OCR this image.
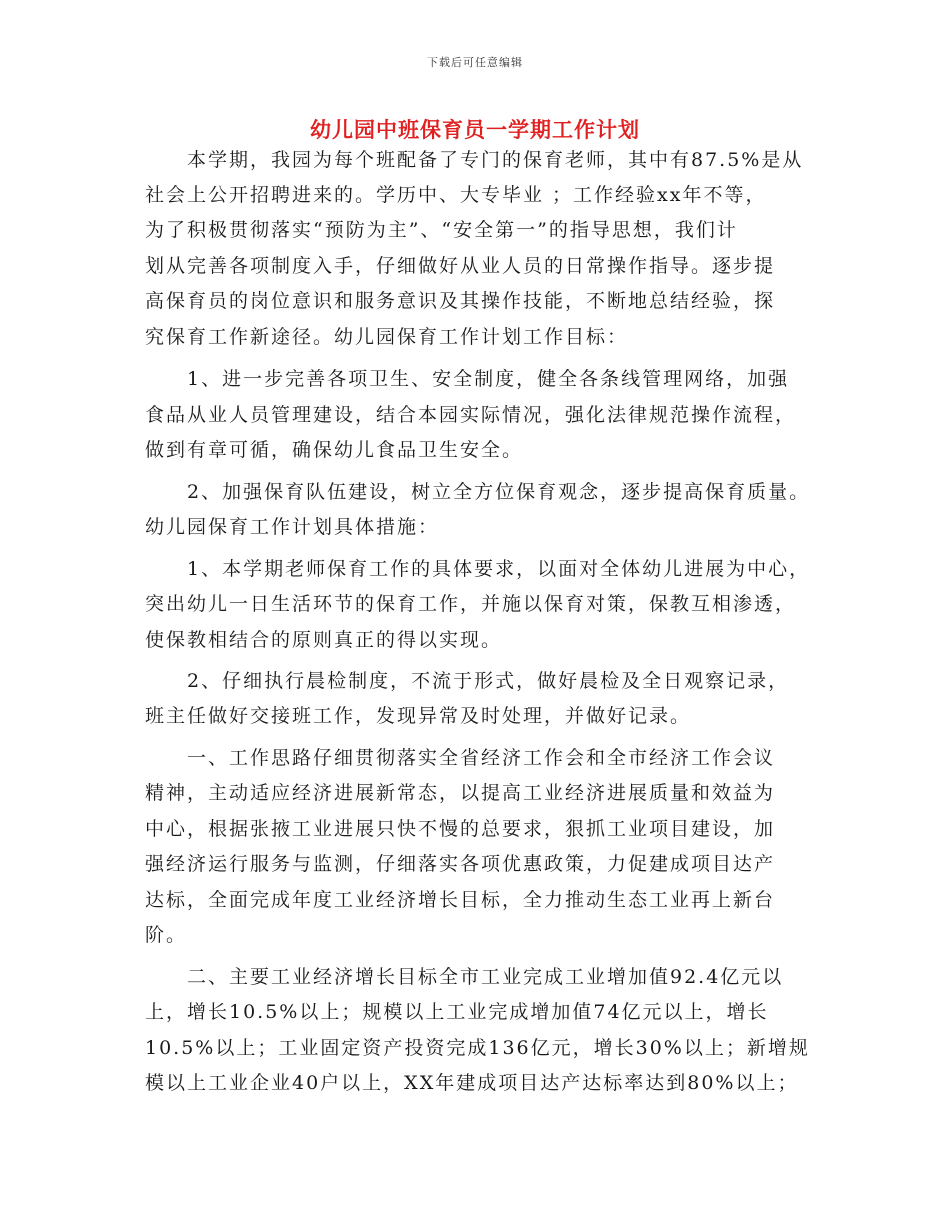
下载后可任意编辑
幼儿园中班保育员一学期工作计划
　　本学期，我园为每个班配备了专门的保育老师，其中有87.5%是从
社会上公开招聘进来的。学历中、大专毕业 ；工作经验xx年不等，
为了积极贯彻落实“预防为主”、“安全第一”的指导思想，我们计
划从完善各项制度入手，仔细做好从业人员的日常操作指导。逐步提
高保育员的岗位意识和服务意识及其操作技能，不断地总结经验，探
究保育工作新途径。幼儿园保育工作计划工作目标：
　　1、进一步完善各项卫生、安全制度，健全各条线管理网络，加强
食品从业人员管理建设，结合本园实际情况，强化法律规范操作流程，
做到有章可循，确保幼儿食品卫生安全。
　　2、加强保育队伍建设，树立全方位保育观念，逐步提高保育质量。
幼儿园保育工作计划具体措施：
　　1、本学期老师保育工作的具体要求，以面对全体幼儿进展为中心，
突出幼儿一日生活环节的保育工作，并施以保育对策，保教互相渗透，
使保教相结合的原则真正的得以实现。
　　2、仔细执行晨检制度，不流于形式，做好晨检及全日观察记录，
班主任做好交接班工作，发现异常及时处理，并做好记录。
　　一、工作思路仔细贯彻落实全省经济工作会和全市经济工作会议
精神，主动适应经济进展新常态，以提高工业经济进展质量和效益为
中心，根据张掖工业进展只快不慢的总要求，狠抓工业项目建设，加
强经济运行服务与监测，仔细落实各项优惠政策，力促建成项目达产
达标，全面完成年度工业经济增长目标，全力推动生态工业再上新台
阶。
　　二、主要工业经济增长目标全市工业完成工业增加值92.4亿元以
上，增长10.5%以上；规模以上工业完成增加值74亿元以上，增长
10.5%以上；工业固定资产投资完成136亿元，增长30%以上；新增规
模以上工业企业40户以上，XX年建成项目达产达标率达到80%以上；
